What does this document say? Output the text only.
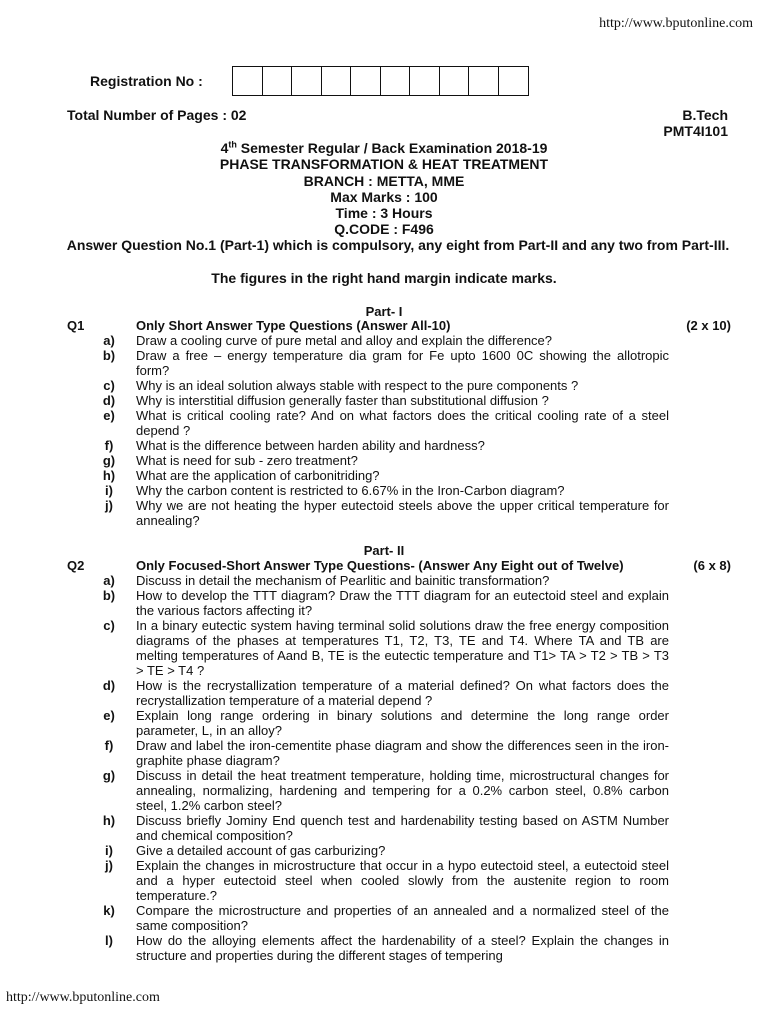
http://www.bputonline.com
Registration No :
Total Number of Pages : 02	B.Tech
PMT4I101
4th Semester Regular / Back Examination 2018-19
PHASE TRANSFORMATION & HEAT TREATMENT
BRANCH : METTA, MME
Max Marks : 100
Time : 3 Hours
Q.CODE : F496
Answer Question No.1 (Part-1) which is compulsory, any eight from Part-II and any two from Part-III.
The figures in the right hand margin indicate marks.
Part- I
Q1	Only Short Answer Type Questions (Answer All-10)	(2 x 10)
a)	Draw a cooling curve of pure metal and alloy and explain the difference?
b)	Draw a free – energy temperature dia gram for Fe upto 1600 0C showing the allotropic form?
c)	Why is an ideal solution always stable with respect to the pure components ?
d)	Why is interstitial diffusion generally faster than substitutional diffusion ?
e)	What is critical cooling rate? And on what factors does the critical cooling rate of a steel depend ?
f)	What is the difference between harden ability and hardness?
g)	What is need for sub - zero treatment?
h)	What are the application of carbonitriding?
i)	Why the carbon content is restricted to 6.67% in the Iron-Carbon diagram?
j)	Why we are not heating the hyper eutectoid steels above the upper critical temperature for annealing?
Part- II
Q2	Only Focused-Short Answer Type Questions- (Answer Any Eight out of Twelve)	(6 x 8)
a)	Discuss in detail the mechanism of Pearlitic and bainitic transformation?
b)	How to develop the TTT diagram? Draw the TTT diagram for an eutectoid steel and explain the various factors affecting it?
c)	In a binary eutectic system having terminal solid solutions draw the free energy composition diagrams of the phases at temperatures T1, T2, T3, TE and T4. Where TA and TB are melting temperatures of Aand B, TE is the eutectic temperature and T1> TA > T2 > TB > T3 > TE > T4 ?
d)	How is the recrystallization temperature of a material defined? On what factors does the recrystallization temperature of a material depend ?
e)	Explain long range ordering in binary solutions and determine the long range order parameter, L, in an alloy?
f)	Draw and label the iron-cementite phase diagram and show the differences seen in the iron-graphite phase diagram?
g)	Discuss in detail the heat treatment temperature, holding time, microstructural changes for annealing, normalizing, hardening and tempering for a 0.2% carbon steel, 0.8% carbon steel, 1.2% carbon steel?
h)	Discuss briefly Jominy End quench test and hardenability testing based on ASTM Number and chemical composition?
i)	Give a detailed account of gas carburizing?
j)	Explain the changes in microstructure that occur in a hypo eutectoid steel, a eutectoid steel and a hyper eutectoid steel when cooled slowly from the austenite region to room temperature.?
k)	Compare the microstructure and properties of an annealed and a normalized steel of the same composition?
l)	How do the alloying elements affect the hardenability of a steel? Explain the changes in structure and properties during the different stages of tempering
http://www.bputonline.com
